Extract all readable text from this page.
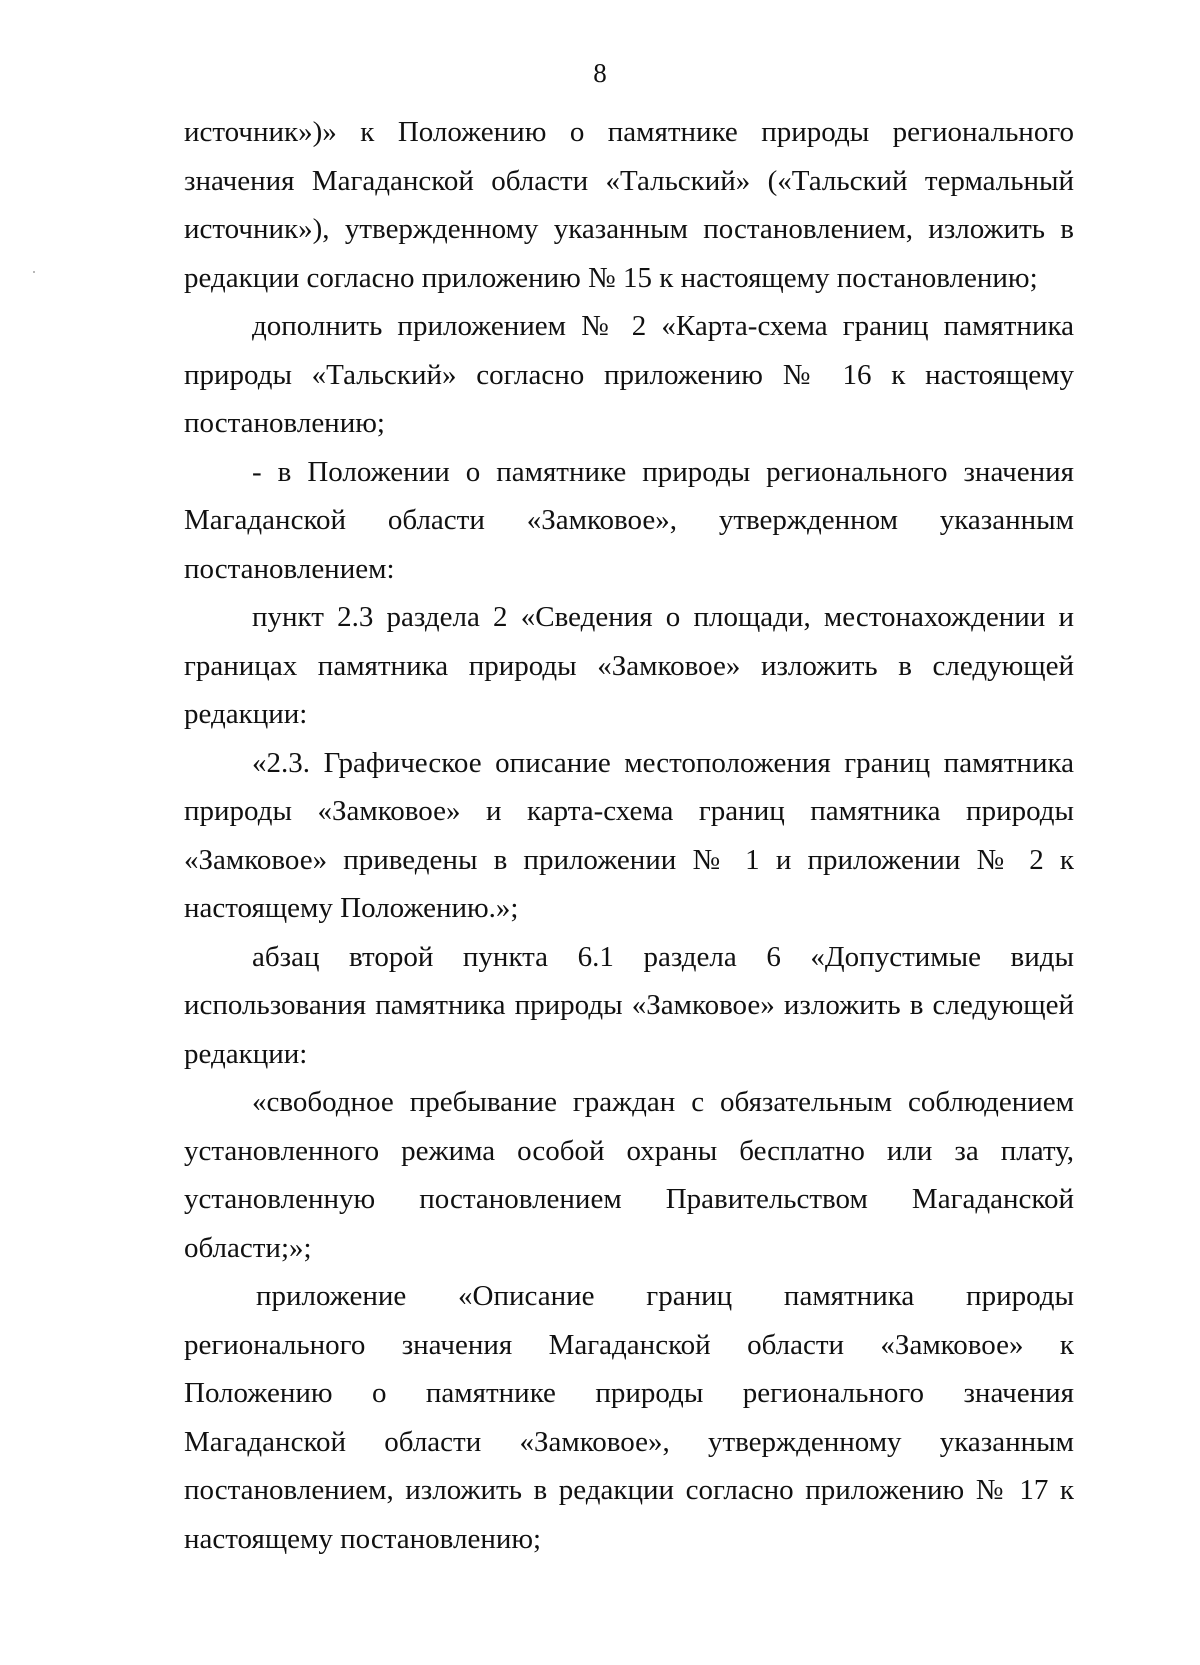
8

источник»)» к Положению о памятнике природы регионального значения Магаданской области «Тальский» («Тальский термальный источник»), утвержденному указанным постановлением, изложить в редакции согласно приложению № 15 к настоящему постановлению;

дополнить приложением № 2 «Карта-схема границ памятника природы «Тальский» согласно приложению № 16 к настоящему постановлению;

- в Положении о памятнике природы регионального значения Магаданской области «Замковое», утвержденном указанным постановлением:

пункт 2.3 раздела 2 «Сведения о площади, местонахождении и границах памятника природы «Замковое» изложить в следующей редакции:

«2.3. Графическое описание местоположения границ памятника природы «Замковое» и карта-схема границ памятника природы «Замковое» приведены в приложении № 1 и приложении № 2 к настоящему Положению.»;

абзац второй пункта 6.1 раздела 6 «Допустимые виды использования памятника природы «Замковое» изложить в следующей редакции:

«свободное пребывание граждан с обязательным соблюдением установленного режима особой охраны бесплатно или за плату, установленную постановлением Правительством Магаданской области;»;

приложение «Описание границ памятника природы регионального значения Магаданской области «Замковое» к Положению о памятнике природы регионального значения Магаданской области «Замковое», утвержденному указанным постановлением, изложить в редакции согласно приложению № 17 к настоящему постановлению;
